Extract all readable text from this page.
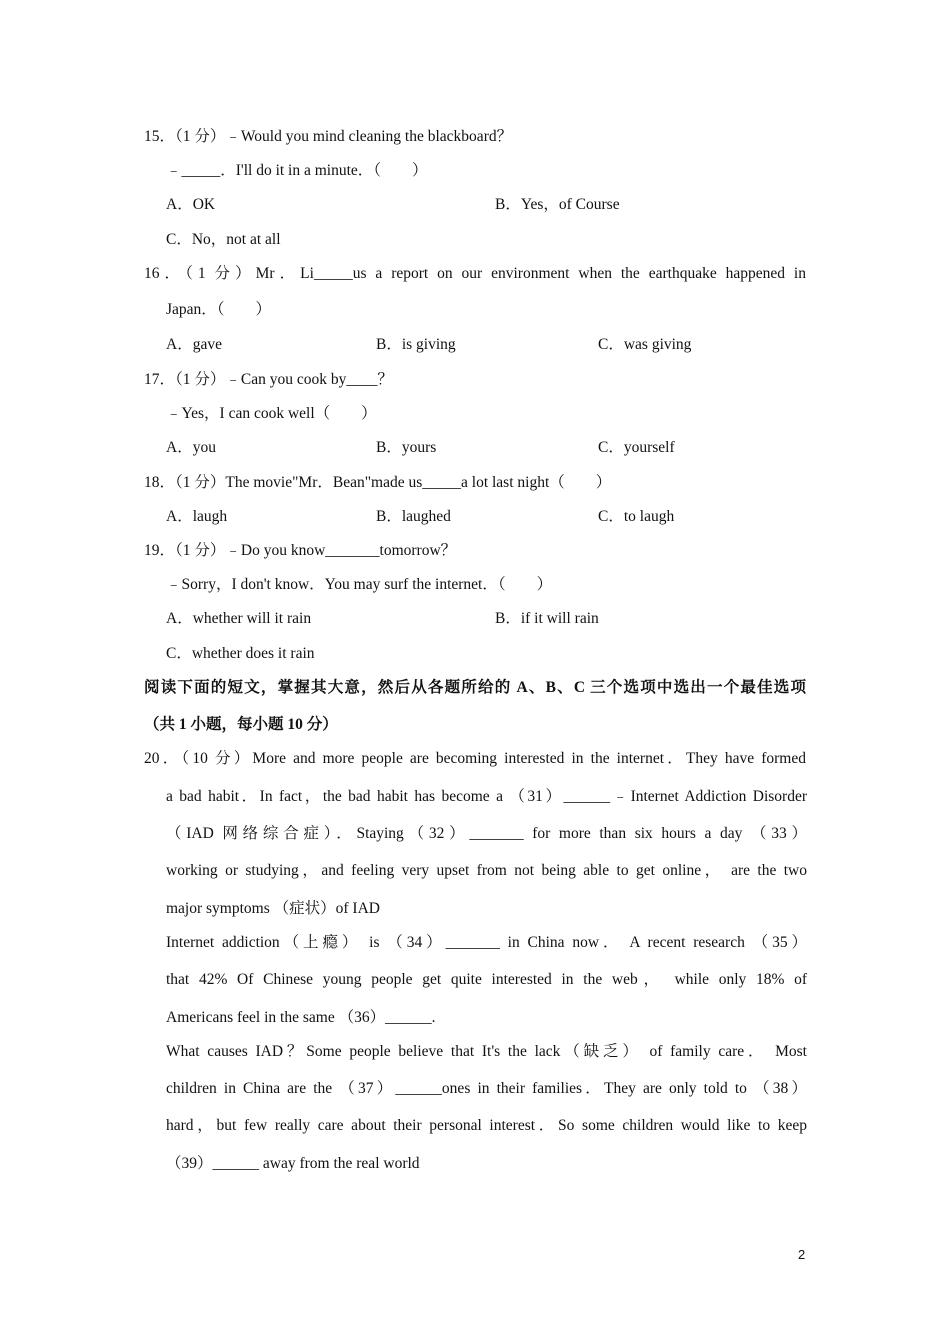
15．（1 分）﹣Would you mind cleaning the blackboard？
﹣_____．I'll do it in a minute．（　　）
A．OK	B．Yes，of Course
C．No，not at all
16．（1 分）Mr．Li_____us a report on our environment when the earthquake happened in
Japan．（　　）
A．gave	B．is giving	C．was giving
17．（1 分）﹣Can you cook by____？
﹣Yes，I can cook well（　　）
A．you	B．yours	C．yourself
18．（1 分）The movie"Mr．Bean"made us_____a lot last night（　　）
A．laugh	B．laughed	C．to laugh
19．（1 分）﹣Do you know_______tomorrow？
﹣Sorry，I don't know．You may surf the internet．（　　）
A．whether will it rain	B．if it will rain
C．whether does it rain
阅读下面的短文，掌握其大意，然后从各题所给的 A、B、C 三个选项中选出一个最佳选项
（共 1 小题，每小题 10 分）
20．（10 分）More and more people are becoming interested in the internet．They have formed
a bad habit．In fact，the bad habit has become a （31）______﹣Internet Addiction Disorder
（IAD 网络综合症）．Staying（32）_______ for more than six hours a day （33）
working or studying，and feeling very upset from not being able to get online， are the two
major symptoms （症状）of IAD
Internet addiction（上瘾） is （34）_______ in China now． A recent research （35）
that 42% Of Chinese young people get quite interested in the web， while only 18% of
Americans feel in the same （36）______.
What causes IAD？Some people believe that It's the lack（缺乏） of family care． Most
children in China are the （37）______ones in their families．They are only told to （38）
hard，but few really care about their personal interest．So some children would like to keep
（39）______ away from the real world
2
